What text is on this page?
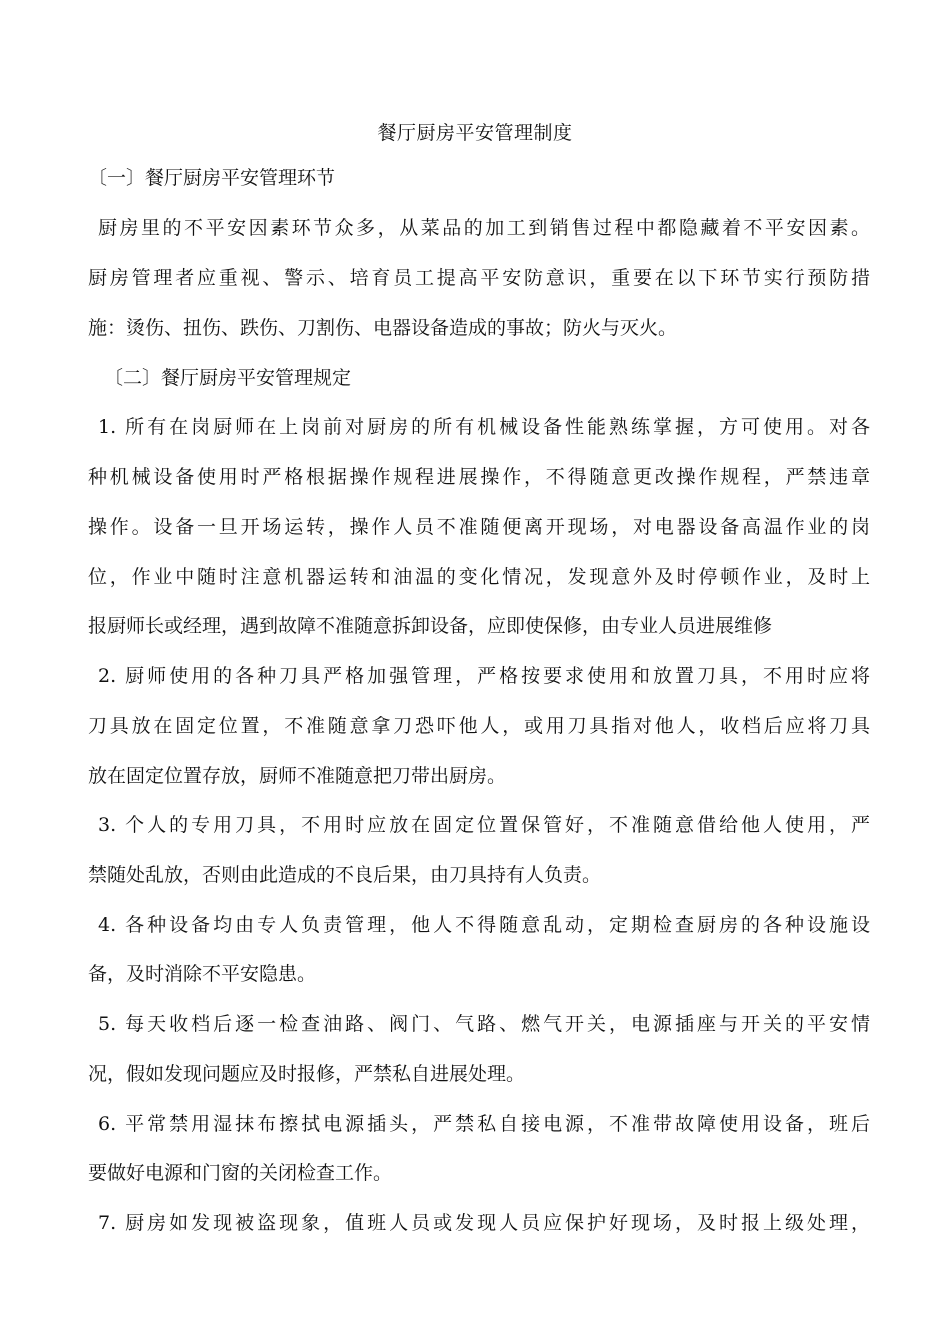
餐厅厨房平安管理制度
〔一〕餐厅厨房平安管理环节
厨房里的不平安因素环节众多，从菜品的加工到销售过程中都隐藏着不平安因素。
厨房管理者应重视、警示、培育员工提高平安防意识，重要在以下环节实行预防措
施：烫伤、扭伤、跌伤、刀割伤、电器设备造成的事故；防火与灭火。
〔二〕餐厅厨房平安管理规定
1. 所有在岗厨师在上岗前对厨房的所有机械设备性能熟练掌握，方可使用。对各
种机械设备使用时严格根据操作规程进展操作，不得随意更改操作规程，严禁违章
操作。设备一旦开场运转，操作人员不准随便离开现场，对电器设备高温作业的岗
位，作业中随时注意机器运转和油温的变化情况，发现意外及时停顿作业，及时上
报厨师长或经理，遇到故障不准随意拆卸设备，应即使保修，由专业人员进展维修
2. 厨师使用的各种刀具严格加强管理，严格按要求使用和放置刀具，不用时应将
刀具放在固定位置，不准随意拿刀恐吓他人，或用刀具指对他人，收档后应将刀具
放在固定位置存放，厨师不准随意把刀带出厨房。
3. 个人的专用刀具，不用时应放在固定位置保管好，不准随意借给他人使用，严
禁随处乱放，否则由此造成的不良后果，由刀具持有人负责。
4. 各种设备均由专人负责管理，他人不得随意乱动，定期检查厨房的各种设施设
备，及时消除不平安隐患。
5. 每天收档后逐一检查油路、阀门、气路、燃气开关，电源插座与开关的平安情
况，假如发现问题应及时报修，严禁私自进展处理。
6. 平常禁用湿抹布擦拭电源插头，严禁私自接电源，不准带故障使用设备，班后
要做好电源和门窗的关闭检查工作。
7. 厨房如发现被盗现象，值班人员或发现人员应保护好现场，及时报上级处理，
